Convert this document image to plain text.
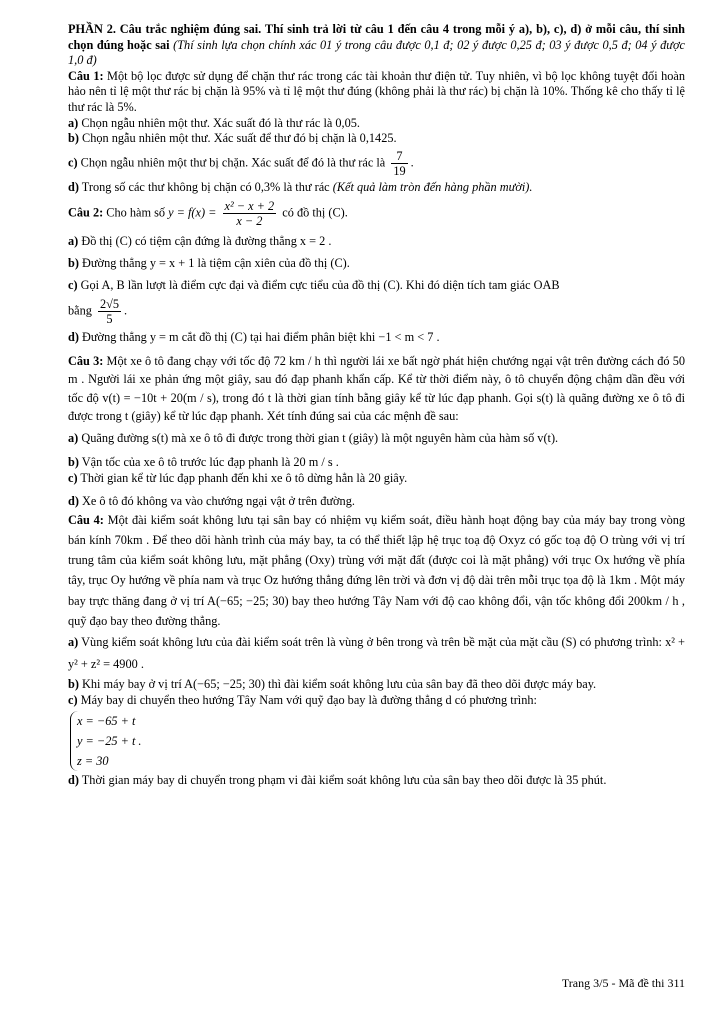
PHẦN 2. Câu trắc nghiệm đúng sai. Thí sinh trả lời từ câu 1 đến câu 4 trong mỗi ý a), b), c), d) ở mỗi câu, thí sinh chọn đúng hoặc sai (Thí sinh lựa chọn chính xác 01 ý trong câu được 0,1 đ; 02 ý được 0,25 đ; 03 ý được 0,5 đ; 04 ý được 1,0 đ)

Câu 1: Một bộ lọc được sử dụng để chặn thư rác trong các tài khoản thư điện tử. Tuy nhiên, vì bộ lọc không tuyệt đối hoàn hảo nên tỉ lệ một thư rác bị chặn là 95% và tỉ lệ một thư đúng (không phải là thư rác) bị chặn là 10%. Thống kê cho thấy tỉ lệ thư rác là 5%.

a) Chọn ngẫu nhiên một thư. Xác suất đó là thư rác là 0,05.

b) Chọn ngẫu nhiên một thư. Xác suất để thư đó bị chặn là 0,1425.

c) Chọn ngẫu nhiên một thư bị chặn. Xác suất để đó là thư rác là $\frac{7}{19}$ .

d) Trong số các thư không bị chặn có 0,3% là thư rác (Kết quả làm tròn đến hàng phần mười).

Câu 2: Cho hàm số $y = f(x) = \frac{\text{x² − x + 2}}{x - 2}$ có đồ thị (C).

a) Đồ thị (C) có tiệm cận đứng là đường thẳng x = 2 .

b) Đường thẳng y = x + 1 là tiệm cận xiên của đồ thị (C).

c) Gọi A, B lần lượt là điểm cực đại và điểm cực tiểu của đồ thị (C). Khi đó diện tích tam giác OAB

bằng $\frac{2√5}{5}$ .

d) Đường thẳng y = m cắt đồ thị (C) tại hai điểm phân biệt khi −1 < m < 7 .

Câu 3: Một xe ô tô đang chạy với tốc độ 72 km / h thì người lái xe bất ngờ phát hiện chướng ngại vật trên đường cách đó 50 m . Người lái xe phản ứng một giây, sau đó đạp phanh khẩn cấp. Kể từ thời điểm này, ô tô chuyển động chậm dần đều với tốc độ v(t) = −10t + 20(m / s), trong đó t là thời gian tính bằng giây kể từ lúc đạp phanh. Gọi s(t) là quãng đường xe ô tô đi được trong t (giây) kể từ lúc đạp phanh. Xét tính đúng sai của các mệnh đề sau:

a) Quãng đường s(t) mà xe ô tô đi được trong thời gian t (giây) là một nguyên hàm của hàm số v(t).

b) Vận tốc của xe ô tô trước lúc đạp phanh là 20 m / s .

c) Thời gian kể từ lúc đạp phanh đến khi xe ô tô dừng hẳn là 20 giây.

d) Xe ô tô đó không va vào chướng ngại vật ở trên đường.

Câu 4: Một đài kiểm soát không lưu tại sân bay có nhiệm vụ kiểm soát, điều hành hoạt động bay của máy bay trong vòng bán kính 70km . Để theo dõi hành trình của máy bay, ta có thể thiết lập hệ trục toạ độ Oxyz có gốc toạ độ O trùng với vị trí trung tâm của kiểm soát không lưu, mặt phẳng (Oxy) trùng với mặt đất (được coi là mặt phẳng) với trục Ox hướng về phía tây, trục Oy hướng về phía nam và trục Oz hướng thẳng đứng lên trời và đơn vị độ dài trên mỗi trục tọa độ là 1km . Một máy bay trực thăng đang ở vị trí A(−65; −25; 30) bay theo hướng Tây Nam với độ cao không đổi, vận tốc không đổi 200km / h , quỹ đạo bay theo đường thẳng.

a) Vùng kiểm soát không lưu của đài kiểm soát trên là vùng ở bên trong và trên bề mặt của mặt cầu (S) có phương trình: x² + y² + z² = 4900 .

b) Khi máy bay ở vị trí A(−65; −25; 30) thì đài kiểm soát không lưu của sân bay đã theo dõi được máy bay.

c) Máy bay di chuyển theo hướng Tây Nam với quỹ đạo bay là đường thẳng d có phương trình:

x = −65 + t
y = −25 + t .
z = 30

d) Thời gian máy bay di chuyển trong phạm vi đài kiểm soát không lưu của sân bay theo dõi được là 35 phút.

Trang 3/5 - Mã đề thi 311
